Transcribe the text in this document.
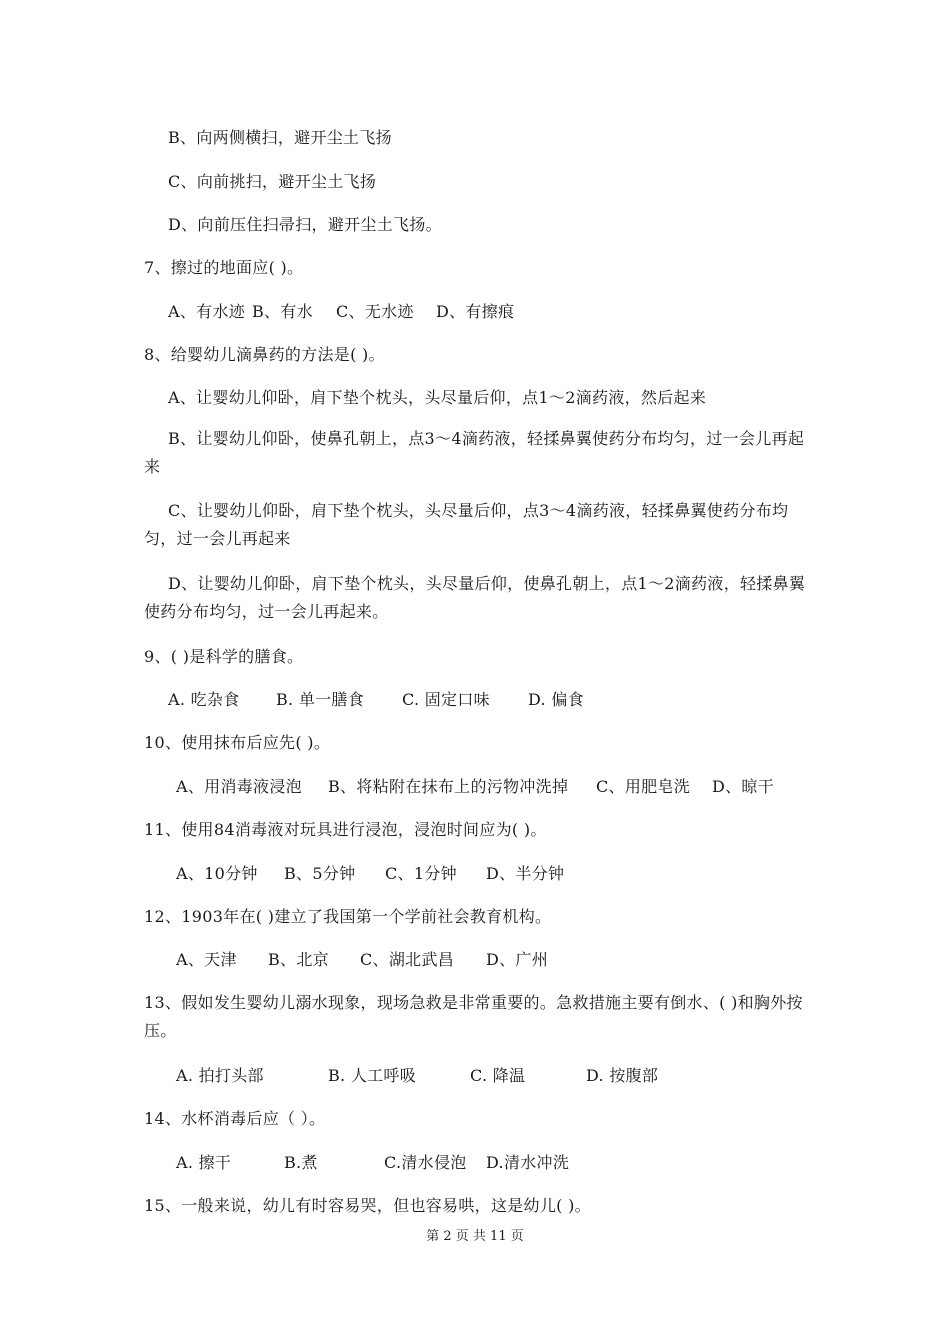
B、向两侧横扫，避开尘土飞扬
C、向前挑扫，避开尘土飞扬
D、向前压住扫帚扫，避开尘土飞扬。
7、擦过的地面应( )。
A、有水迹 B、有水	C、无水迹	D、有擦痕
8、给婴幼儿滴鼻药的方法是( )。
A、让婴幼儿仰卧，肩下垫个枕头，头尽量后仰，点1～2滴药液，然后起来
B、让婴幼儿仰卧，使鼻孔朝上，点3～4滴药液，轻揉鼻翼使药分布均匀，过一会儿再起来
C、让婴幼儿仰卧，肩下垫个枕头，头尽量后仰，点3～4滴药液，轻揉鼻翼使药分布均匀，过一会儿再起来
D、让婴幼儿仰卧，肩下垫个枕头，头尽量后仰，使鼻孔朝上，点1～2滴药液，轻揉鼻翼使药分布均匀，过一会儿再起来。
9、( )是科学的膳食。
A. 吃杂食	B. 单一膳食	C. 固定口味	D. 偏食
10、使用抹布后应先( )。
A、用消毒液浸泡	B、将粘附在抹布上的污物冲洗掉	C、用肥皂洗	D、晾干
11、使用84消毒液对玩具进行浸泡，浸泡时间应为( )。
A、10分钟	B、5分钟	C、1分钟	D、半分钟
12、1903年在( )建立了我国第一个学前社会教育机构。
A、天津	B、北京	C、湖北武昌	D、广州
13、假如发生婴幼儿溺水现象，现场急救是非常重要的。急救措施主要有倒水、( )和胸外按压。
A. 拍打头部	B. 人工呼吸	C. 降温	D. 按腹部
14、水杯消毒后应（ ）。
A. 擦干	B.煮	C.清水侵泡	D.清水冲洗
15、一般来说，幼儿有时容易哭，但也容易哄，这是幼儿( )。
第 2 页 共 11 页
